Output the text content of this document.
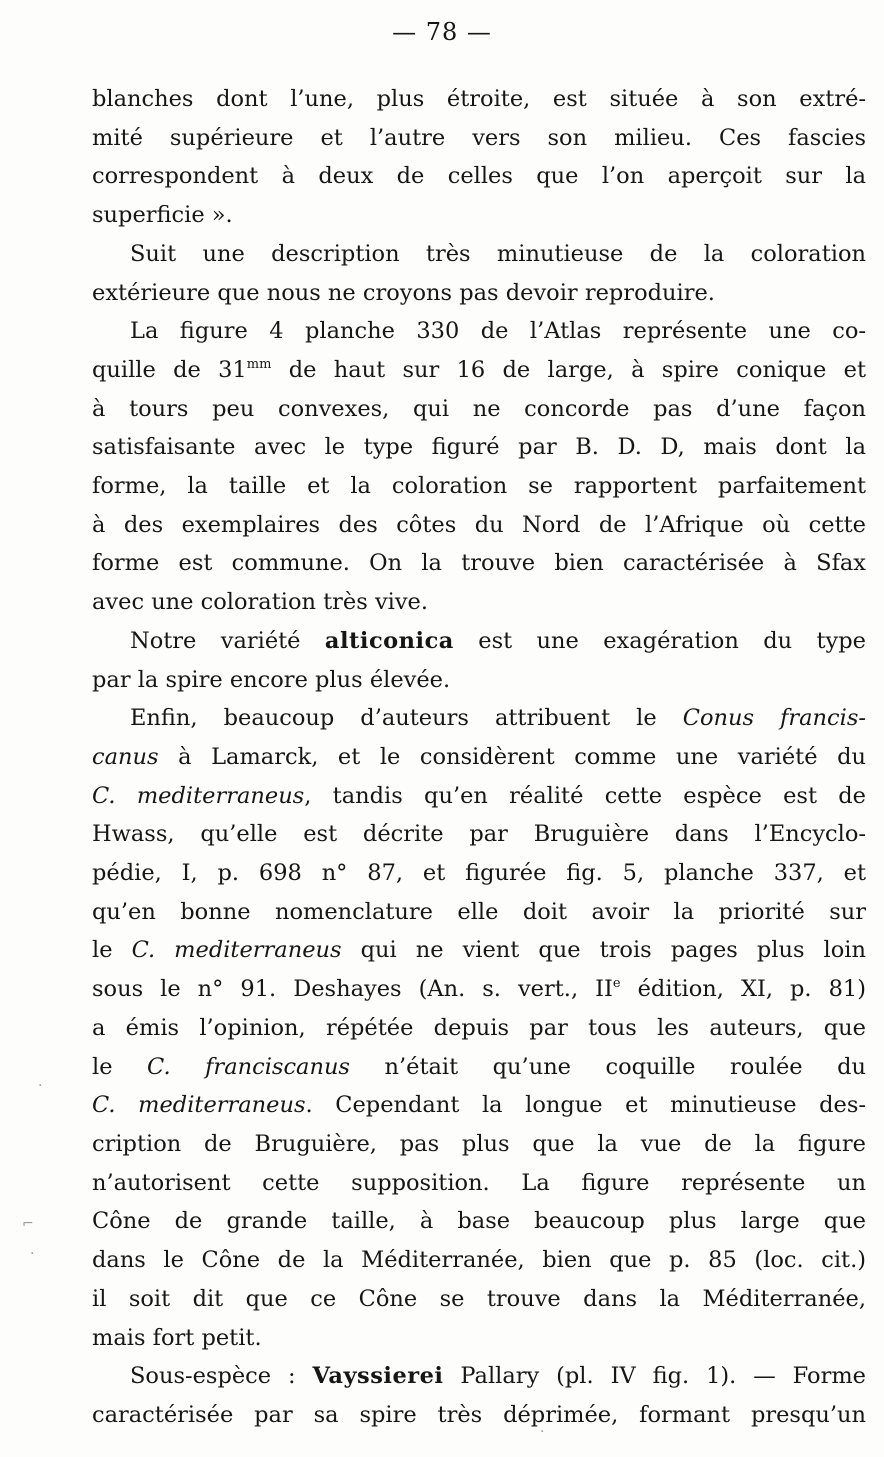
— 78 —
blanches dont l’une, plus étroite, est située à son extré-
mité supérieure et l’autre vers son milieu. Ces fascies
correspondent à deux de celles que l’on aperçoit sur la
superficie ».
Suit une description très minutieuse de la coloration
extérieure que nous ne croyons pas devoir reproduire.
La figure 4 planche 330 de l’Atlas représente une co-
quille de $31^{mm}$ de haut sur 16 de large, à spire conique et
à tours peu convexes, qui ne concorde pas d’une façon
satisfaisante avec le type figuré par B. D. D, mais dont la
forme, la taille et la coloration se rapportent parfaitement
à des exemplaires des côtes du Nord de l’Afrique où cette
forme est commune. On la trouve bien caractérisée à Sfax
avec une coloration très vive.
Notre variété alticonica est une exagération du type
par la spire encore plus élevée.
Enfin, beaucoup d’auteurs attribuent le Conus francis-
canus à Lamarck, et le considèrent comme une variété du
C. mediterraneus, tandis qu’en réalité cette espèce est de
Hwass, qu’elle est décrite par Bruguière dans l’Encyclo-
pédie, I, p. 698 n° 87, et figurée fig. 5, planche 337, et
qu’en bonne nomenclature elle doit avoir la priorité sur
le C. mediterraneus qui ne vient que trois pages plus loin
sous le n° 91. Deshayes (An. s. vert., IIe édition, XI, p. 81)
a émis l’opinion, répétée depuis par tous les auteurs, que
le C. franciscanus n’était qu’une coquille roulée du
C. mediterraneus. Cependant la longue et minutieuse des-
cription de Bruguière, pas plus que la vue de la figure
n’autorisent cette supposition. La figure représente un
Cône de grande taille, à base beaucoup plus large que
dans le Cône de la Méditerranée, bien que p. 85 (loc. cit.)
il soit dit que ce Cône se trouve dans la Méditerranée,
mais fort petit.
Sous-espèce : Vayssierei Pallary (pl. IV fig. 1). — Forme
caractérisée par sa spire très déprimée, formant presqu’un
⌐
·
·
·
